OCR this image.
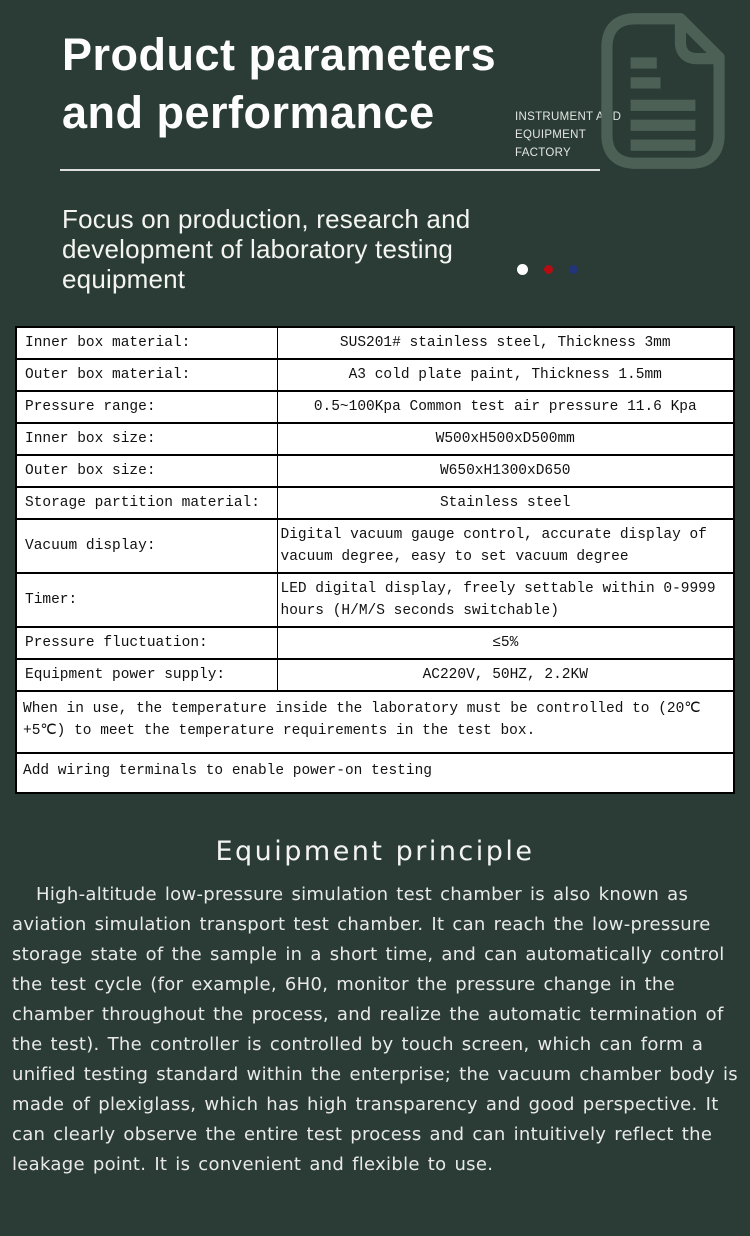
Product parameters
and performance	INSTRUMENT AND
EQUIPMENT
FACTORY
Focus on production, research and development of laboratory testing equipment
Inner box material:	SUS201# stainless steel, Thickness 3mm
Outer box material:	A3 cold plate paint, Thickness 1.5mm
Pressure range:	0.5~100Kpa Common test air pressure 11.6 Kpa
Inner box size:	W500xH500xD500mm
Outer box size:	W650xH1300xD650
Storage partition material:	Stainless steel
Vacuum display:	Digital vacuum gauge control, accurate display of vacuum degree, easy to set vacuum degree
Timer:	LED digital display, freely settable within 0-9999 hours (H/M/S seconds switchable)
Pressure fluctuation:	≤5%
Equipment power supply:	AC220V, 50HZ, 2.2KW
When in use, the temperature inside the laboratory must be controlled to (20℃ +5℃) to meet the temperature requirements in the test box.	
Add wiring terminals to enable power-on testing	
Equipment principle
High-altitude low-pressure simulation test chamber is also known as aviation simulation transport test chamber. It can reach the low-pressure storage state of the sample in a short time, and can automatically control the test cycle (for example, 6H0, monitor the pressure change in the chamber throughout the process, and realize the automatic termination of the test). The controller is controlled by touch screen, which can form a unified testing standard within the enterprise; the vacuum chamber body is made of plexiglass, which has high transparency and good perspective. It can clearly observe the entire test process and can intuitively reflect the leakage point. It is convenient and flexible to use.
